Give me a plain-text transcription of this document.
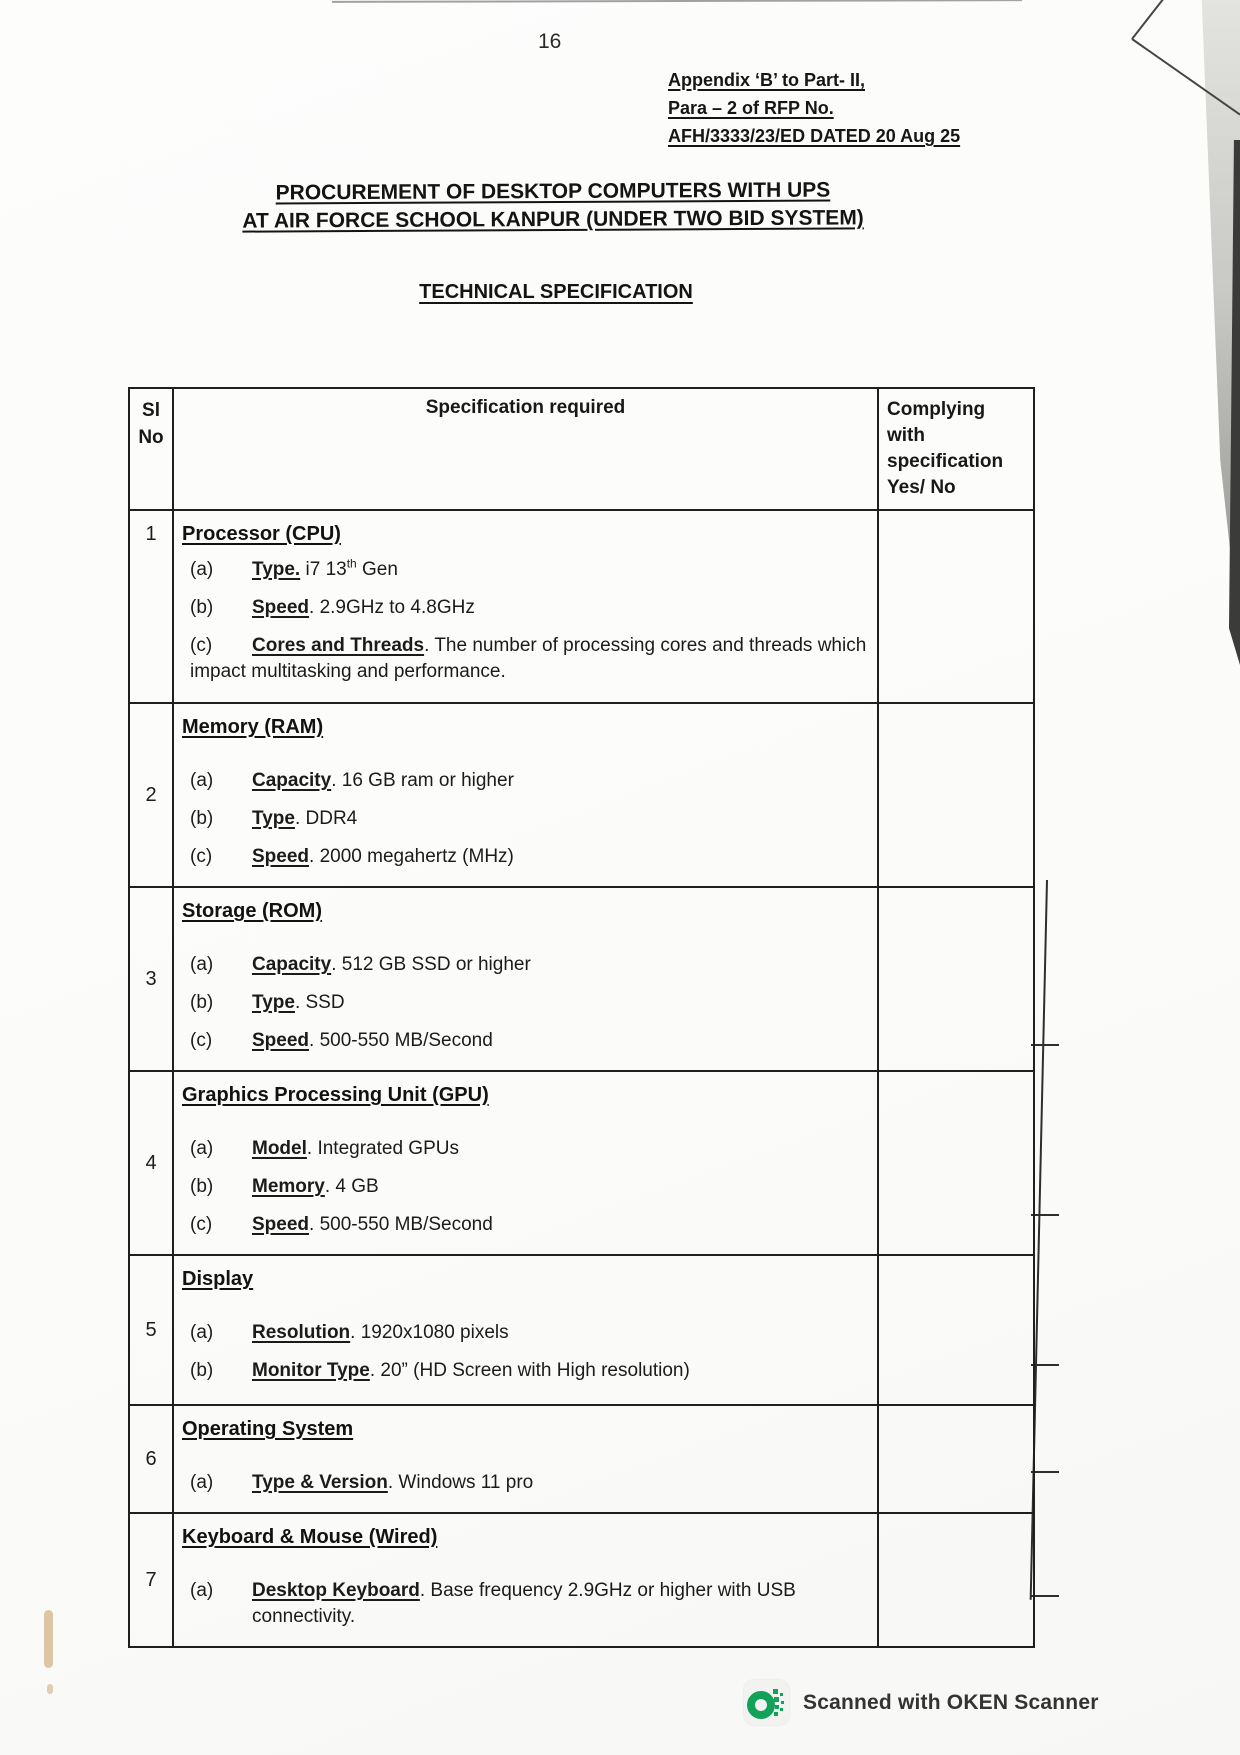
16
Appendix ‘B’ to Part- II,
Para – 2 of RFP No.
AFH/3333/23/ED DATED 20 Aug 25
PROCUREMENT OF DESKTOP COMPUTERS WITH UPS
AT AIR FORCE SCHOOL KANPUR (UNDER TWO BID SYSTEM)
TECHNICAL SPECIFICATION
Sl No	Specification required	Complying with specification Yes/ No
1	Processor (CPU)

(a) Type. i7 13th Gen

(b) Speed. 2.9GHz to 4.8GHz

(c) Cores and Threads. The number of processing cores and threads which impact multitasking and performance.	

2	Memory (RAM)

(a) Capacity. 16 GB ram or higher

(b) Type. DDR4

(c) Speed. 2000 megahertz (MHz)	

3	Storage (ROM)

(a) Capacity. 512 GB SSD or higher

(b) Type. SSD

(c) Speed. 500-550 MB/Second	

4	Graphics Processing Unit (GPU)

(a) Model. Integrated GPUs

(b) Memory. 4 GB

(c) Speed. 500-550 MB/Second	

5	Display

(a) Resolution. 1920x1080 pixels

(b) Monitor Type. 20” (HD Screen with High resolution)	

6	Operating System

(a) Type & Version. Windows 11 pro	

7	Keyboard & Mouse (Wired)

(a) Desktop Keyboard. Base frequency 2.9GHz or higher with USB connectivity.	

Scanned with OKEN Scanner
